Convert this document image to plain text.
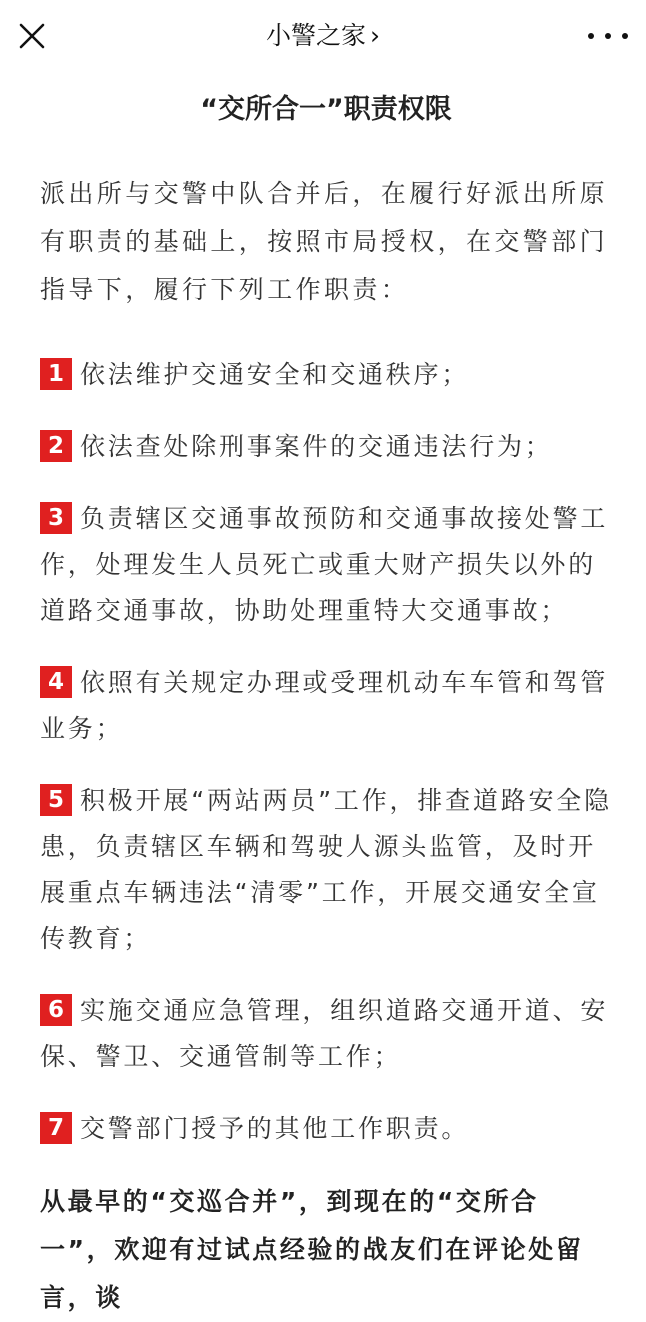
小警之家 ›
“交所合一”职责权限

派出所与交警中队合并后，在履行好派出所原有职责的基础上，按照市局授权，在交警部门指导下，履行下列工作职责：

1 依法维护交通安全和交通秩序；

2 依法查处除刑事案件的交通违法行为；

3 负责辖区交通事故预防和交通事故接处警工作，处理发生人员死亡或重大财产损失以外的道路交通事故，协助处理重特大交通事故；

4 依照有关规定办理或受理机动车车管和驾管业务；

5 积极开展“两站两员”工作，排查道路安全隐患，负责辖区车辆和驾驶人源头监管，及时开展重点车辆违法“清零”工作，开展交通安全宣传教育；

6 实施交通应急管理，组织道路交通开道、安保、警卫、交通管制等工作；

7 交警部门授予的其他工作职责。

从最早的“交巡合并”，到现在的“交所合一”，欢迎有过试点经验的战友们在评论处留言，谈
